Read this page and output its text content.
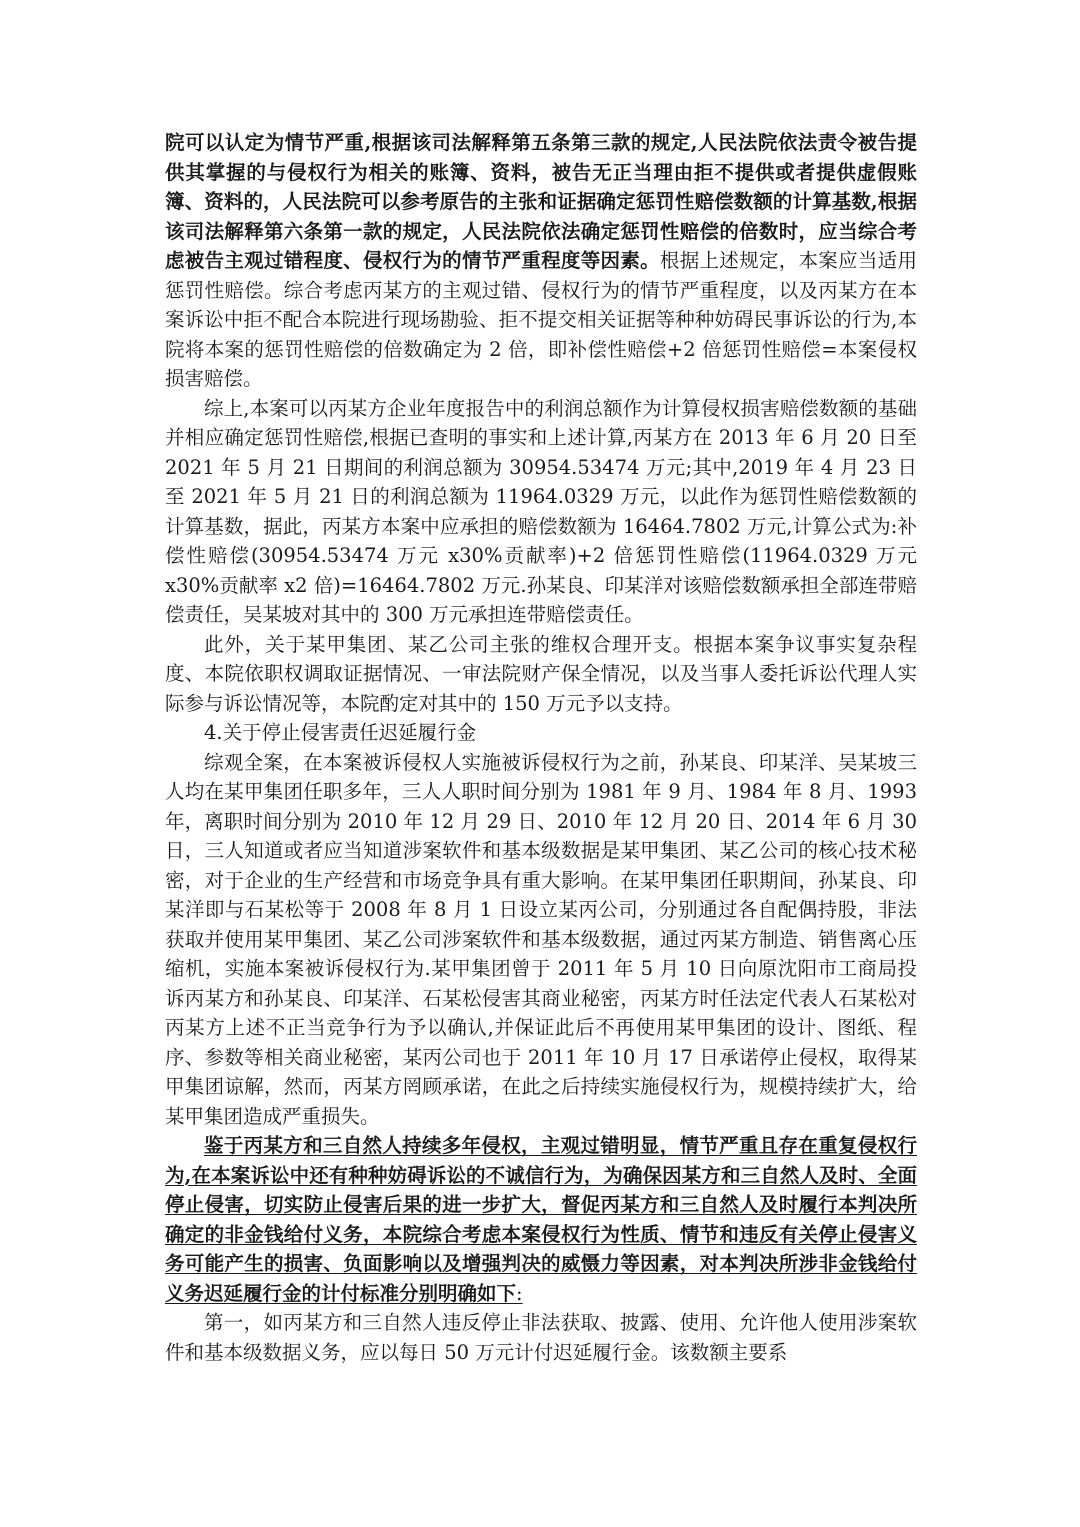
院可以认定为情节严重,根据该司法解释第五条第三款的规定,人民法院依法责令被告提供其掌握的与侵权行为相关的账簿、资料，被告无正当理由拒不提供或者提供虚假账簿、资料的，人民法院可以参考原告的主张和证据确定惩罚性赔偿数额的计算基数,根据该司法解释第六条第一款的规定，人民法院依法确定惩罚性赔偿的倍数时，应当综合考虑被告主观过错程度、侵权行为的情节严重程度等因素。根据上述规定，本案应当适用惩罚性赔偿。综合考虑丙某方的主观过错、侵权行为的情节严重程度，以及丙某方在本案诉讼中拒不配合本院进行现场勘验、拒不提交相关证据等种种妨碍民事诉讼的行为,本院将本案的惩罚性赔偿的倍数确定为 2 倍，即补偿性赔偿+2 倍惩罚性赔偿=本案侵权损害赔偿。

综上,本案可以丙某方企业年度报告中的利润总额作为计算侵权损害赔偿数额的基础并相应确定惩罚性赔偿,根据已查明的事实和上述计算,丙某方在 2013 年 6 月 20 日至 2021 年 5 月 21 日期间的利润总额为 30954.53474 万元;其中,2019 年 4 月 23 日至 2021 年 5 月 21 日的利润总额为 11964.0329 万元，以此作为惩罚性赔偿数额的计算基数，据此，丙某方本案中应承担的赔偿数额为 16464.7802 万元,计算公式为:补偿性赔偿(30954.53474 万元 x30%贡献率)+2 倍惩罚性赔偿(11964.0329 万元 x30%贡献率 x2 倍)=16464.7802 万元.孙某良、印某洋对该赔偿数额承担全部连带赔偿责任，吴某坡对其中的 300 万元承担连带赔偿责任。

此外，关于某甲集团、某乙公司主张的维权合理开支。根据本案争议事实复杂程度、本院依职权调取证据情况、一审法院财产保全情况，以及当事人委托诉讼代理人实际参与诉讼情况等，本院酌定对其中的 150 万元予以支持。

4.关于停止侵害责任迟延履行金

综观全案，在本案被诉侵权人实施被诉侵权行为之前，孙某良、印某洋、吴某坡三人均在某甲集团任职多年，三人人职时间分别为 1981 年 9 月、1984 年 8 月、1993 年，离职时间分别为 2010 年 12 月 29 日、2010 年 12 月 20 日、2014 年 6 月 30 日，三人知道或者应当知道涉案软件和基本级数据是某甲集团、某乙公司的核心技术秘密，对于企业的生产经营和市场竞争具有重大影响。在某甲集团任职期间，孙某良、印某洋即与石某松等于 2008 年 8 月 1 日设立某丙公司，分别通过各自配偶持股，非法获取并使用某甲集团、某乙公司涉案软件和基本级数据，通过丙某方制造、销售离心压缩机，实施本案被诉侵权行为.某甲集团曾于 2011 年 5 月 10 日向原沈阳市工商局投诉丙某方和孙某良、印某洋、石某松侵害其商业秘密，丙某方时任法定代表人石某松对丙某方上述不正当竞争行为予以确认,并保证此后不再使用某甲集团的设计、图纸、程序、参数等相关商业秘密，某丙公司也于 2011 年 10 月 17 日承诺停止侵权，取得某甲集团谅解，然而，丙某方罔顾承诺，在此之后持续实施侵权行为，规模持续扩大，给某甲集团造成严重损失。

鉴于丙某方和三自然人持续多年侵权，主观过错明显，情节严重且存在重复侵权行为,在本案诉讼中还有种种妨碍诉讼的不诚信行为，为确保因某方和三自然人及时、全面停止侵害，切实防止侵害后果的进一步扩大，督促丙某方和三自然人及时履行本判决所确定的非金钱给付义务，本院综合考虑本案侵权行为性质、情节和违反有关停止侵害义务可能产生的损害、负面影响以及增强判决的威慑力等因素，对本判决所涉非金钱给付义务迟延履行金的计付标准分别明确如下:

第一，如丙某方和三自然人违反停止非法获取、披露、使用、允许他人使用涉案软件和基本级数据义务，应以每日 50 万元计付迟延履行金。该数额主要系
